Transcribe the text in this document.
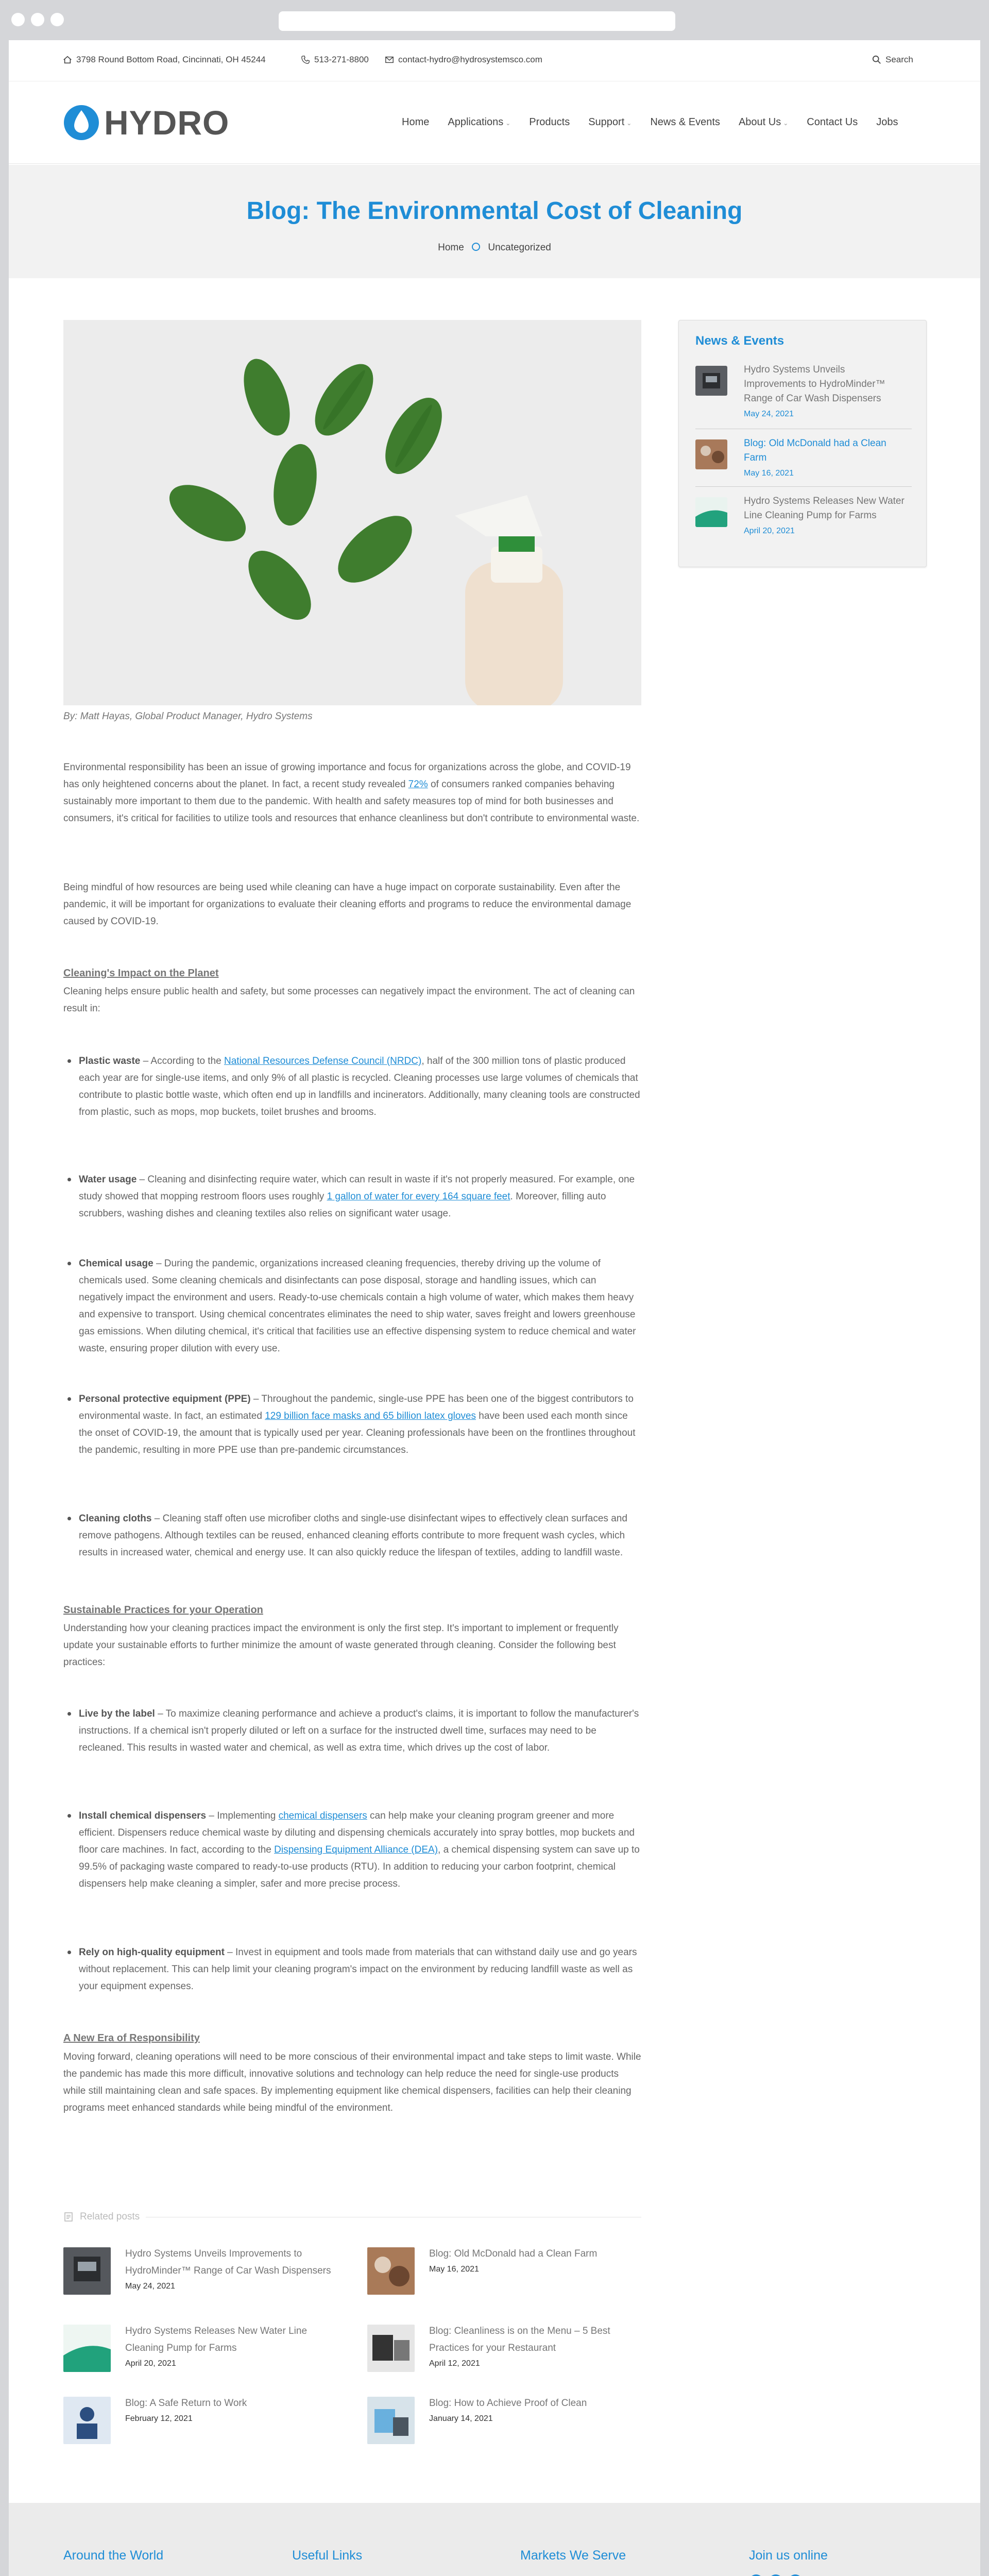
3798 Round Bottom Road, Cincinnati, OH 45244	513-271-8800	contact-hydro@hydrosystemsco.com	Search
HYDRO	Home Applications ⌄ Products Support ⌄ News & Events About Us ⌄ Contact Us Jobs
Blog: The Environmental Cost of Cleaning
Home Uncategorized
By: Matt Hayas, Global Product Manager, Hydro Systems
Environmental responsibility has been an issue of growing importance and focus for organizations across the globe, and COVID-19 has only heightened concerns about the planet. In fact, a recent study revealed 72% of consumers ranked companies behaving sustainably more important to them due to the pandemic. With health and safety measures top of mind for both businesses and consumers, it's critical for facilities to utilize tools and resources that enhance cleanliness but don't contribute to environmental waste.
Being mindful of how resources are being used while cleaning can have a huge impact on corporate sustainability. Even after the pandemic, it will be important for organizations to evaluate their cleaning efforts and programs to reduce the environmental damage caused by COVID-19.
Cleaning's Impact on the Planet
Cleaning helps ensure public health and safety, but some processes can negatively impact the environment. The act of cleaning can result in:
Plastic waste – According to the National Resources Defense Council (NRDC), half of the 300 million tons of plastic produced each year are for single-use items, and only 9% of all plastic is recycled. Cleaning processes use large volumes of chemicals that contribute to plastic bottle waste, which often end up in landfills and incinerators. Additionally, many cleaning tools are constructed from plastic, such as mops, mop buckets, toilet brushes and brooms.
Water usage – Cleaning and disinfecting require water, which can result in waste if it's not properly measured. For example, one study showed that mopping restroom floors uses roughly 1 gallon of water for every 164 square feet. Moreover, filling auto scrubbers, washing dishes and cleaning textiles also relies on significant water usage.
Chemical usage – During the pandemic, organizations increased cleaning frequencies, thereby driving up the volume of chemicals used. Some cleaning chemicals and disinfectants can pose disposal, storage and handling issues, which can negatively impact the environment and users. Ready-to-use chemicals contain a high volume of water, which makes them heavy and expensive to transport. Using chemical concentrates eliminates the need to ship water, saves freight and lowers greenhouse gas emissions. When diluting chemical, it's critical that facilities use an effective dispensing system to reduce chemical and water waste, ensuring proper dilution with every use.
Personal protective equipment (PPE) – Throughout the pandemic, single-use PPE has been one of the biggest contributors to environmental waste. In fact, an estimated 129 billion face masks and 65 billion latex gloves have been used each month since the onset of COVID-19, the amount that is typically used per year. Cleaning professionals have been on the frontlines throughout the pandemic, resulting in more PPE use than pre-pandemic circumstances.
Cleaning cloths – Cleaning staff often use microfiber cloths and single-use disinfectant wipes to effectively clean surfaces and remove pathogens. Although textiles can be reused, enhanced cleaning efforts contribute to more frequent wash cycles, which results in increased water, chemical and energy use. It can also quickly reduce the lifespan of textiles, adding to landfill waste.
Sustainable Practices for your Operation
Understanding how your cleaning practices impact the environment is only the first step. It's important to implement or frequently update your sustainable efforts to further minimize the amount of waste generated through cleaning. Consider the following best practices:
Live by the label – To maximize cleaning performance and achieve a product's claims, it is important to follow the manufacturer's instructions. If a chemical isn't properly diluted or left on a surface for the instructed dwell time, surfaces may need to be recleaned. This results in wasted water and chemical, as well as extra time, which drives up the cost of labor.
Install chemical dispensers – Implementing chemical dispensers can help make your cleaning program greener and more efficient. Dispensers reduce chemical waste by diluting and dispensing chemicals accurately into spray bottles, mop buckets and floor care machines. In fact, according to the Dispensing Equipment Alliance (DEA), a chemical dispensing system can save up to 99.5% of packaging waste compared to ready-to-use products (RTU). In addition to reducing your carbon footprint, chemical dispensers help make cleaning a simpler, safer and more precise process.
Rely on high-quality equipment – Invest in equipment and tools made from materials that can withstand daily use and go years without replacement. This can help limit your cleaning program's impact on the environment by reducing landfill waste as well as your equipment expenses.
A New Era of Responsibility
Moving forward, cleaning operations will need to be more conscious of their environmental impact and take steps to limit waste. While the pandemic has made this more difficult, innovative solutions and technology can help reduce the need for single-use products while still maintaining clean and safe spaces. By implementing equipment like chemical dispensers, facilities can help their cleaning programs meet enhanced standards while being mindful of the environment.
News & Events
Hydro Systems Unveils Improvements to HydroMinder™ Range of Car Wash Dispensers
May 24, 2021
Blog: Old McDonald had a Clean Farm
May 16, 2021
Hydro Systems Releases New Water Line Cleaning Pump for Farms
April 20, 2021
Related posts
Hydro Systems Unveils Improvements to HydroMinder™ Range of Car Wash Dispensers
May 24, 2021
Blog: Old McDonald had a Clean Farm
May 16, 2021
Hydro Systems Releases New Water Line Cleaning Pump for Farms
April 20, 2021
Blog: Cleanliness is on the Menu – 5 Best Practices for your Restaurant
April 12, 2021
Blog: A Safe Return to Work
February 12, 2021
Blog: How to Achieve Proof of Clean
January 14, 2021
Around the World	Useful Links	Markets We Serve	Join us online
